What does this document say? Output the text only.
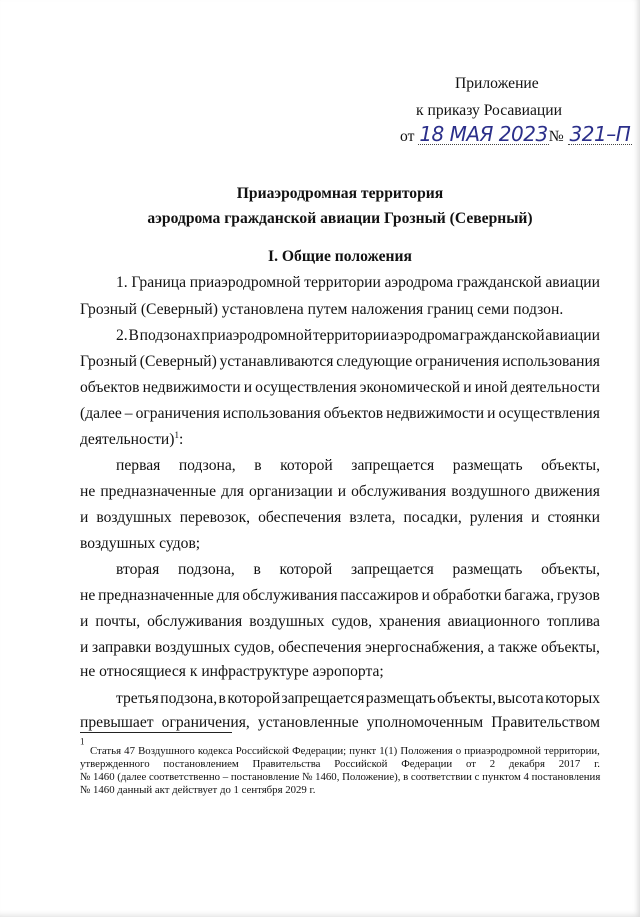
Приложение
к приказу Росавиации
от 18 МАЯ 2023№ 321–П
Приаэродромная территория
аэродрома гражданской авиации Грозный (Северный)
I. Общие положения
1. Граница приаэродромной территории аэродрома гражданской авиации
Грозный (Северный) установлена путем наложения границ семи подзон.
2. В подзонах приаэродромной территории аэродрома гражданской авиации
Грозный (Северный) устанавливаются следующие ограничения использования
объектов недвижимости и осуществления экономической и иной деятельности
(далее – ограничения использования объектов недвижимости и осуществления
деятельности)$^1$:
первая подзона, в которой запрещается размещать объекты,
не предназначенные для организации и обслуживания воздушного движения
и воздушных перевозок, обеспечения взлета, посадки, руления и стоянки
воздушных судов;
вторая подзона, в которой запрещается размещать объекты,
не предназначенные для обслуживания пассажиров и обработки багажа, грузов
и почты, обслуживания воздушных судов, хранения авиационного топлива
и заправки воздушных судов, обеспечения энергоснабжения, а также объекты,
не относящиеся к инфраструктуре аэропорта;
третья подзона, в которой запрещается размещать объекты, высота которых
превышает ограничения, установленные уполномоченным Правительством
$^1$
Статья 47 Воздушного кодекса Российской Федерации; пункт 1(1) Положения о приаэродромной территории,
утвержденного постановлением Правительства Российской Федерации от 2 декабря 2017 г.
№ 1460 (далее соответственно – постановление № 1460, Положение), в соответствии с пунктом 4 постановления
№ 1460 данный акт действует до 1 сентября 2029 г.
